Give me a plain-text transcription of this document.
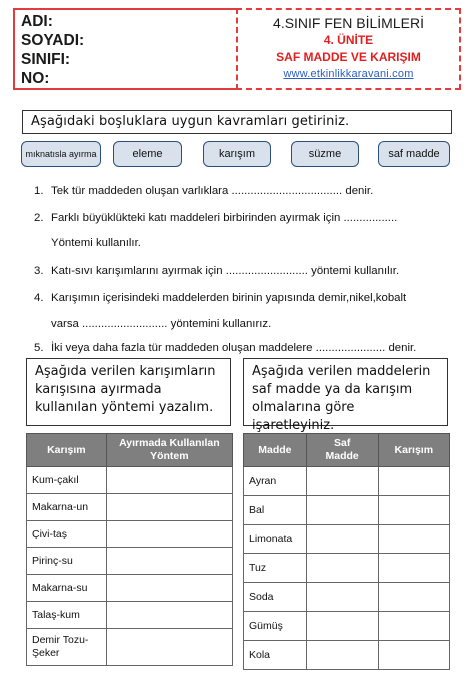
ADI:
SOYADI:
SINIFI:
NO:
4.SINIF FEN BİLİMLERİ
4. ÜNİTE
SAF MADDE VE KARIŞIM
www.etkinlikkaravani.com
Aşağıdaki boşluklara uygun kavramları getiriniz.
mıknatısla ayırma	eleme	karışım	süzme	saf madde
1. Tek tür maddeden oluşan varlıklara ................................... denir.
2. Farklı büyüklükteki katı maddeleri birbirinden ayırmak için .................
Yöntemi kullanılır.
3. Katı-sıvı karışımlarını ayırmak için .......................... yöntemi kullanılır.
4. Karışımın içerisindeki maddelerden birinin yapısında demir,nikel,kobalt
varsa ........................... yöntemini kullanırız.
5. İki veya daha fazla tür maddeden oluşan maddelere ...................... denir.
Aşağıda verilen karışımların karışısına ayırmada kullanılan yöntemi yazalım.
Aşağıda verilen maddelerin saf madde ya da karışım olmalarına göre işaretleyiniz.
Karışım	Ayırmada Kullanılan Yöntem
Kum-çakıl	
Makarna-un	
Çivi-taş	
Pirinç-su	
Makarna-su	
Talaş-kum	
Demir Tozu-Şeker	
Madde	Saf Madde	Karışım
Ayran		
Bal		
Limonata		
Tuz		
Soda		
Gümüş		
Kola		
